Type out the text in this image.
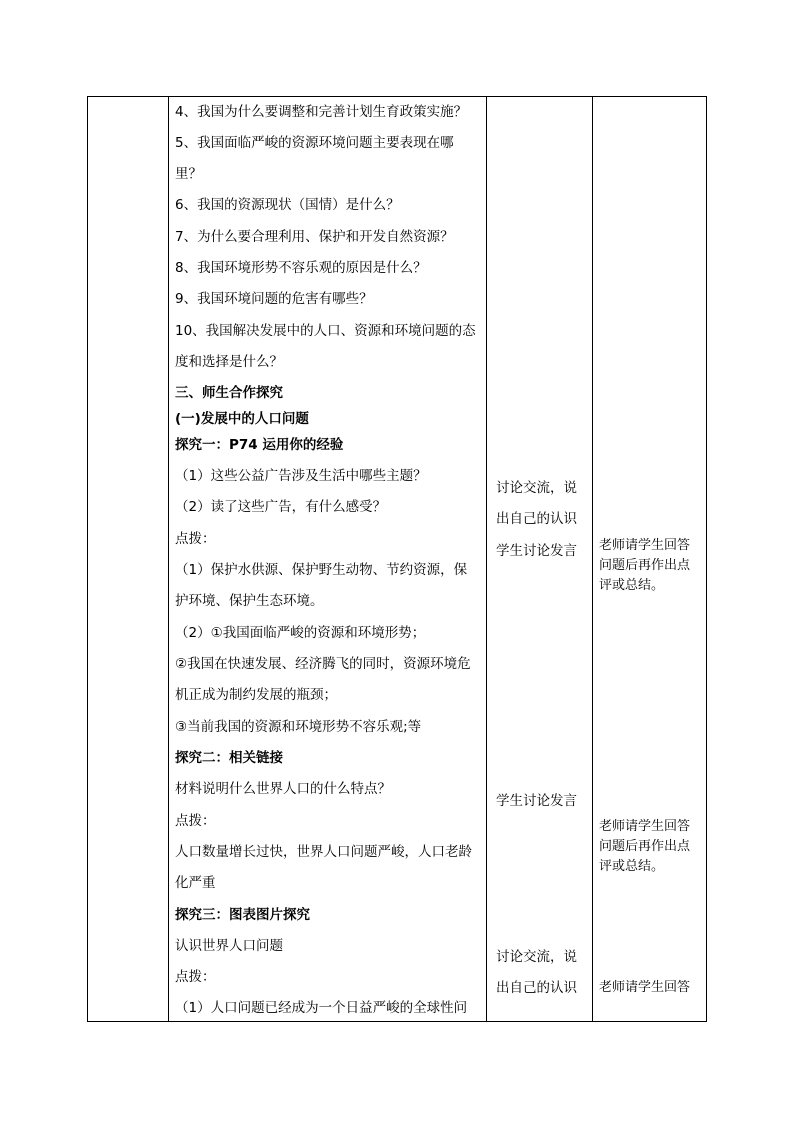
4、我国为什么要调整和完善计划生育政策实施？
5、我国面临严峻的资源环境问题主要表现在哪
里？
6、我国的资源现状（国情）是什么？
7、为什么要合理利用、保护和开发自然资源？
8、我国环境形势不容乐观的原因是什么？
9、我国环境问题的危害有哪些？
10、我国解决发展中的人口、资源和环境问题的态
度和选择是什么？
三、师生合作探究
(一)发展中的人口问题
探究一：P74 运用你的经验
（1）这些公益广告涉及生活中哪些主题？
（2）读了这些广告，有什么感受？
点拨：
（1）保护水供源、保护野生动物、节约资源，保
护环境、保护生态环境。
（2）①我国面临严峻的资源和环境形势；
②我国在快速发展、经济腾飞的同时，资源环境危
机正成为制约发展的瓶颈；
③当前我国的资源和环境形势不容乐观;等
探究二：相关链接
材料说明什么世界人口的什么特点？
点拨：
人口数量增长过快，世界人口问题严峻，人口老龄
化严重
探究三：图表图片探究
认识世界人口问题
点拨：
（1）人口问题已经成为一个日益严峻的全球性问
讨论交流，说
出自己的认识
学生讨论发言
学生讨论发言
讨论交流，说
出自己的认识
老师请学生回答
问题后再作出点
评或总结。
老师请学生回答
问题后再作出点
评或总结。
老师请学生回答
